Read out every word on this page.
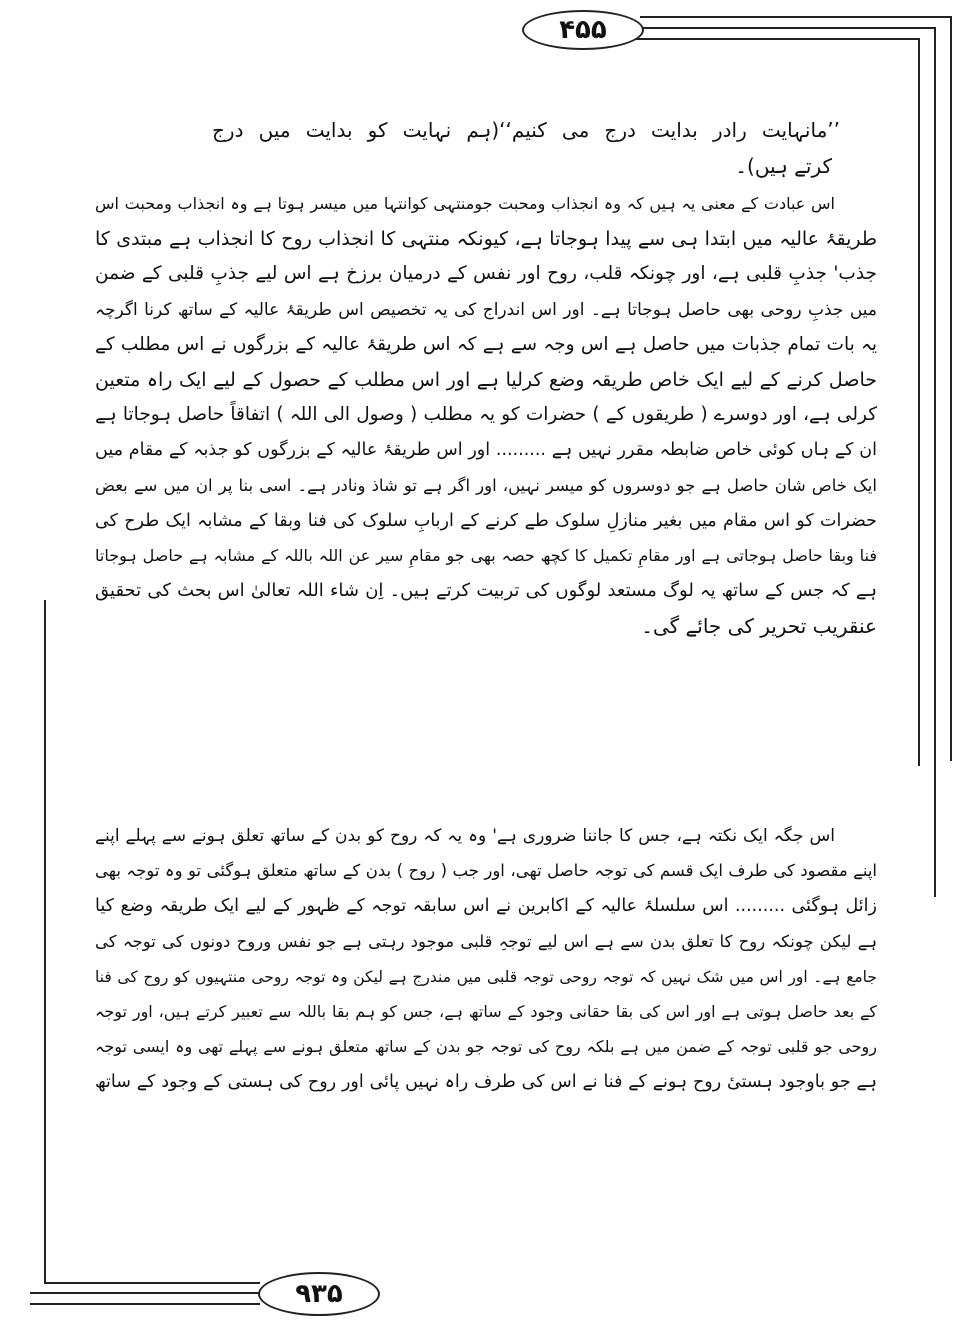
۴۵۵
۹۳۵
’’مانہایت رادر بدایت درج می کنیم‘‘(ہم نہایت کو بدایت میں درج
کرتے ہیں)۔
اس عبادت کے معنی یہ ہیں کہ وہ انجذاب ومحبت جومنتہی کوانتہا میں میسر ہوتا ہے وہ انجذاب ومحبت اس
طریقۂ عالیہ میں ابتدا ہی سے پیدا ہوجاتا ہے، کیونکہ منتہی کا انجذاب روح کا انجذاب ہے مبتدی کا
جذب' جذبِ قلبی ہے، اور چونکہ قلب، روح اور نفس کے درمیان برزخ ہے اس لیے جذبِ قلبی کے ضمن
میں جذبِ روحی بھی حاصل ہوجاتا ہے۔ اور اس اندراج کی یہ تخصیص اس طریقۂ عالیہ کے ساتھ کرنا اگرچہ
یہ بات تمام جذبات میں حاصل ہے اس وجہ سے ہے کہ اس طریقۂ عالیہ کے بزرگوں نے اس مطلب کے
حاصل کرنے کے لیے ایک خاص طریقہ وضع کرلیا ہے اور اس مطلب کے حصول کے لیے ایک راہ متعین
کرلی ہے، اور دوسرے ( طریقوں کے ) حضرات کو یہ مطلب ( وصول الی اللہ ) اتفاقاً حاصل ہوجاتا ہے
ان کے ہاں کوئی خاص ضابطہ مقرر نہیں ہے ......... اور اس طریقۂ عالیہ کے بزرگوں کو جذبہ کے مقام میں
ایک خاص شان حاصل ہے جو دوسروں کو میسر نہیں، اور اگر ہے تو شاذ ونادر ہے۔ اسی بنا پر ان میں سے بعض
حضرات کو اس مقام میں بغیر منازلِ سلوک طے کرنے کے اربابِ سلوک کی فنا وبقا کے مشابہ ایک طرح کی
فنا وبقا حاصل ہوجاتی ہے اور مقامِ تکمیل کا کچھ حصہ بھی جو مقامِ سیر عن اللہ باللہ کے مشابہ ہے حاصل ہوجاتا
ہے کہ جس کے ساتھ یہ لوگ مستعد لوگوں کی تربیت کرتے ہیں۔ اِن شاء اللہ تعالیٰ اس بحث کی تحقیق
عنقریب تحریر کی جائے گی۔
اس جگہ ایک نکتہ ہے، جس کا جاننا ضروری ہے' وہ یہ کہ روح کو بدن کے ساتھ تعلق ہونے سے پہلے اپنے
اپنے مقصود کی طرف ایک قسم کی توجہ حاصل تھی، اور جب ( روح ) بدن کے ساتھ متعلق ہوگئی تو وہ توجہ بھی
زائل ہوگئی ......... اس سلسلۂ عالیہ کے اکابرین نے اس سابقہ توجہ کے ظہور کے لیے ایک طریقہ وضع کیا
ہے لیکن چونکہ روح کا تعلق بدن سے ہے اس لیے توجہِ قلبی موجود رہتی ہے جو نفس وروح دونوں کی توجہ کی
جامع ہے۔ اور اس میں شک نہیں کہ توجہ روحی توجہ قلبی میں مندرج ہے لیکن وہ توجہ روحی منتہیوں کو روح کی فنا
کے بعد حاصل ہوتی ہے اور اس کی بقا حقانی وجود کے ساتھ ہے، جس کو ہم بقا باللہ سے تعبیر کرتے ہیں، اور توجہ
روحی جو قلبی توجہ کے ضمن میں ہے بلکہ روح کی توجہ جو بدن کے ساتھ متعلق ہونے سے پہلے تھی وہ ایسی توجہ
ہے جو باوجود ہستیٔ روح ہونے کے فنا نے اس کی طرف راہ نہیں پائی اور روح کی ہستی کے وجود کے ساتھ
